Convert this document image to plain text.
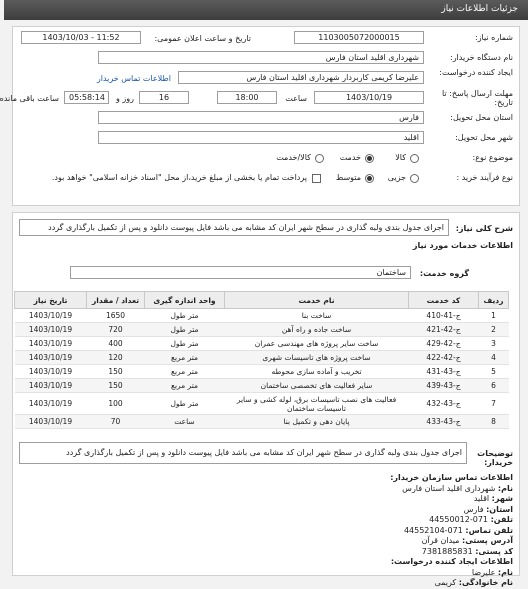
جزئیات اطلاعات نیاز
شماره نیاز:
1103005072000015
تاریخ و ساعت اعلان عمومی:
1403/10/03 - 11:52
نام دستگاه خریدار:
شهرداری اقلید استان فارس
ایجاد کننده درخواست:
علیرضا کریمی کاربردار شهرداری اقلید استان فارس
اطلاعات تماس خریدار
مهلت ارسال پاسخ: تا تاریخ:
1403/10/19
ساعت
18:00
16
روز و
05:58:14
ساعت باقی مانده
استان محل تحویل:
فارس
شهر محل تحویل:
اقلید
موضوع نوع:
کالا
خدمت
کالا/خدمت
نوع فرآیند خرید :
جزیی
متوسط
پرداخت تمام یا بخشی از مبلغ خرید،از محل "اسناد خزانه اسلامی" خواهد بود.
شرح کلی نیاز:
اجرای جدول بندی ولبه گذاری در سطح شهر ایران کد مشابه می باشد فایل پیوست دانلود و پس از تکمیل بارگذاری گردد
اطلاعات خدمات مورد نیاز
گروه خدمت:
ساختمان
ردیف	کد خدمت	نام خدمت	واحد اندازه گیری	تعداد / مقدار	تاریخ نیاز
1	ج-41-410	ساخت بنا	متر طول	1650	1403/10/19
2	ج-42-421	ساخت جاده و راه آهن	متر طول	720	1403/10/19
3	ج-42-429	ساخت سایر پروژه های مهندسی عمران	متر طول	400	1403/10/19
4	ج-42-422	ساخت پروژه های تاسیسات شهری	متر مربع	120	1403/10/19
5	ج-43-431	تخریب و آماده سازی محوطه	متر مربع	150	1403/10/19
6	ج-43-439	سایر فعالیت های تخصصی ساختمان	متر مربع	150	1403/10/19
7	ج-43-432	فعالیت های نصب تاسیسات برق، لوله کشی و سایر تاسیسات ساختمان	متر طول	100	1403/10/19
8	ج-43-433	پایان دهی و تکمیل بنا	ساعت	70	1403/10/19
توضیحات خریدار:
اجرای جدول بندی ولبه گذاری در سطح شهر ایران کد مشابه می باشد فایل پیوست دانلود و پس از تکمیل بارگذاری گردد
اطلاعات تماس سازمان خریدار:
نام: شهرداری اقلید استان فارس
شهر: اقلید
استان: فارس
تلفن: 071-44550012
تلفن تماس: 071-44552104
آدرس پستی: میدان قرآن
کد پستی: 7381885831
اطلاعات ایجاد کننده درخواست:
نام: علیرضا
نام خانوادگی: کریمی
